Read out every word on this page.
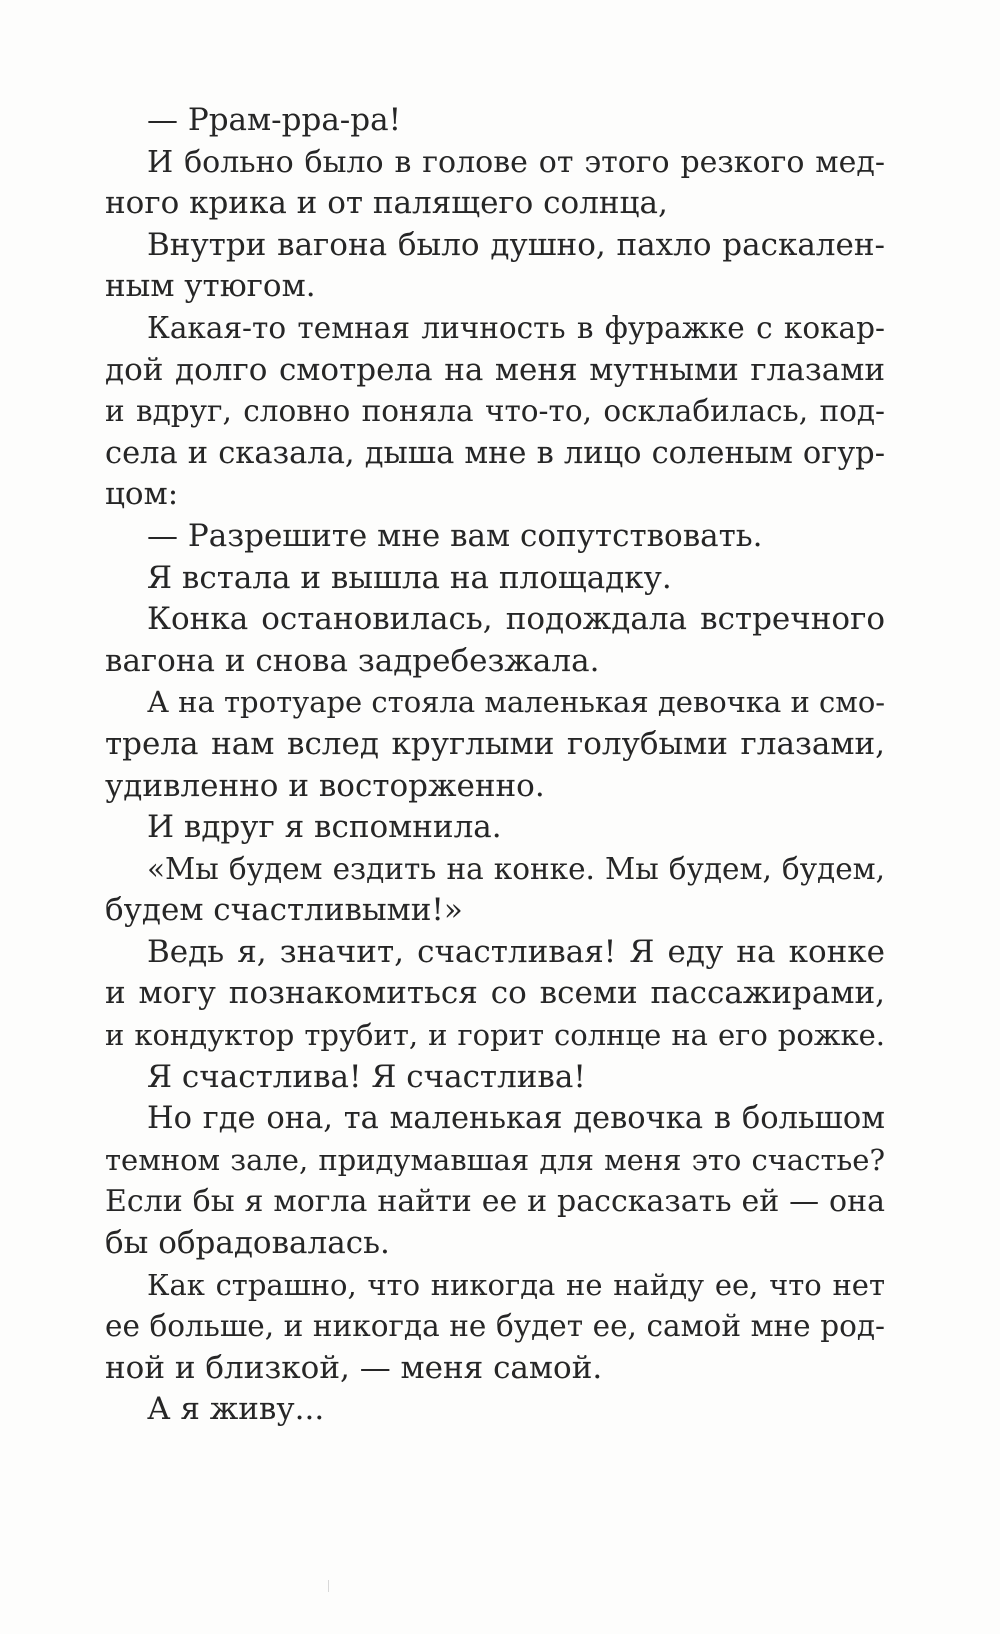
— Ррам-рра-ра!
И больно было в голове от этого резкого мед-
ного крика и от палящего солнца,
Внутри вагона было душно, пахло раскален-
ным утюгом.
Какая-то темная личность в фуражке с кокар-
дой долго смотрела на меня мутными глазами
и вдруг, словно поняла что-то, осклабилась, под-
села и сказала, дыша мне в лицо соленым огур-
цом:
— Разрешите мне вам сопутствовать.
Я встала и вышла на площадку.
Конка остановилась, подождала встречного
вагона и снова задребезжала.
А на тротуаре стояла маленькая девочка и смо-
трела нам вслед круглыми голубыми глазами,
удивленно и восторженно.
И вдруг я вспомнила.
«Мы будем ездить на конке. Мы будем, будем,
будем счастливыми!»
Ведь я, значит, счастливая! Я еду на конке
и могу познакомиться со всеми пассажирами,
и кондуктор трубит, и горит солнце на его рожке.
Я счастлива! Я счастлива!
Но где она, та маленькая девочка в большом
темном зале, придумавшая для меня это счастье?
Если бы я могла найти ее и рассказать ей — она
бы обрадовалась.
Как страшно, что никогда не найду ее, что нет
ее больше, и никогда не будет ее, самой мне род-
ной и близкой, — меня самой.
А я живу...
